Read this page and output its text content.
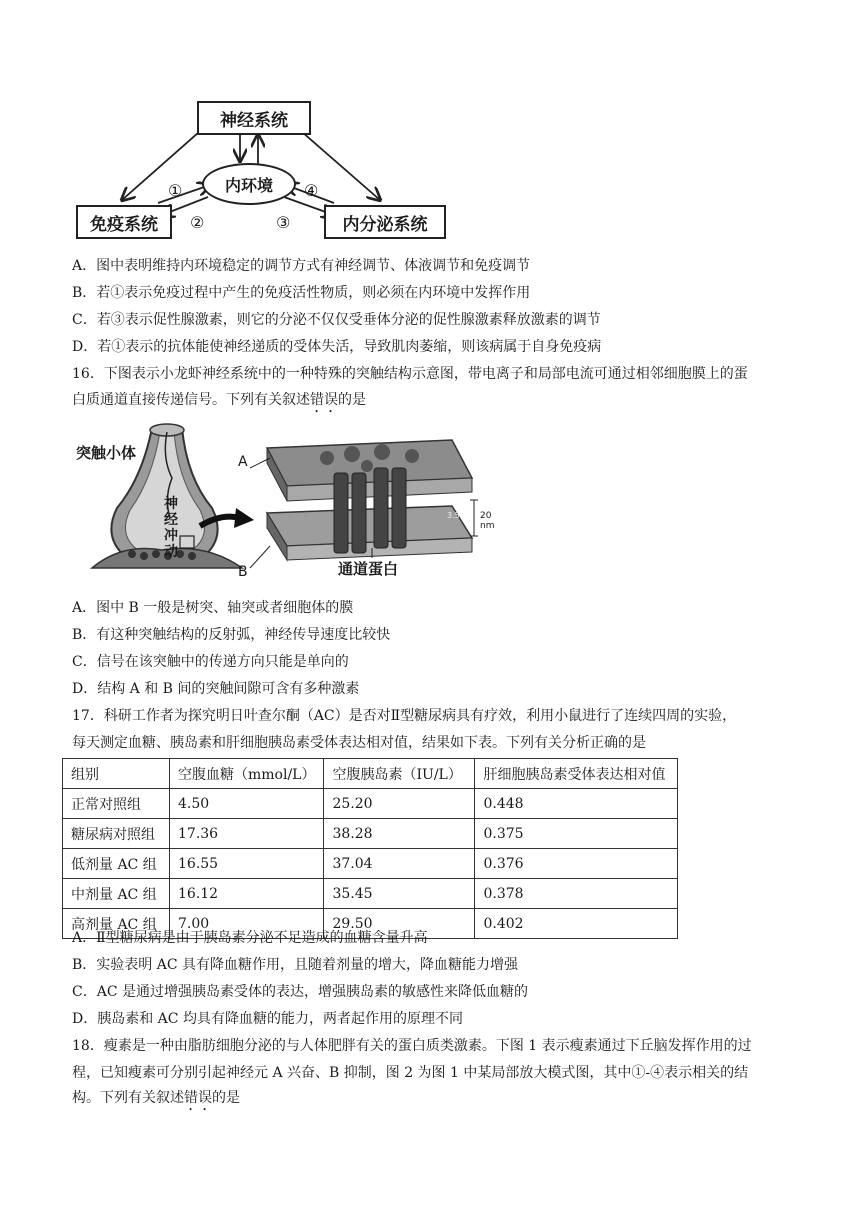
神经系统
内环境
免疫系统	内分泌系统
①
②	③
④
A．图中表明维持内环境稳定的调节方式有神经调节、体液调节和免疫调节
B．若①表示免疫过程中产生的免疫活性物质，则必须在内环境中发挥作用
C．若③表示促性腺激素，则它的分泌不仅仅受垂体分泌的促性腺激素释放激素的调节
D．若①表示的抗体能使神经递质的受体失活，导致肌肉萎缩，则该病属于自身免疫病
16．下图表示小龙虾神经系统中的一种特殊的突触结构示意图，带电离子和局部电流可通过相邻细胞膜上的蛋
白质通道直接传递信号。下列有关叙述错误的是
突触小体
神经冲动
A
B	通道蛋白
20 nm
3.5
A．图中 B 一般是树突、轴突或者细胞体的膜
B．有这种突触结构的反射弧，神经传导速度比较快
C．信号在该突触中的传递方向只能是单向的
D．结构 A 和 B 间的突触间隙可含有多种激素
17．科研工作者为探究明日叶查尔酮（AC）是否对Ⅱ型糖尿病具有疗效，利用小鼠进行了连续四周的实验，
每天测定血糖、胰岛素和肝细胞胰岛素受体表达相对值，结果如下表。下列有关分析正确的是
组别	空腹血糖（mmol/L）	空腹胰岛素（IU/L）	肝细胞胰岛素受体表达相对值
正常对照组	4.50	25.20	0.448
糖尿病对照组	17.36	38.28	0.375
低剂量 AC 组	16.55	37.04	0.376
中剂量 AC 组	16.12	35.45	0.378
高剂量 AC 组	7.00	29.50	0.402
A．Ⅱ型糖尿病是由于胰岛素分泌不足造成的血糖含量升高
B．实验表明 AC 具有降血糖作用，且随着剂量的增大，降血糖能力增强
C．AC 是通过增强胰岛素受体的表达，增强胰岛素的敏感性来降低血糖的
D．胰岛素和 AC 均具有降血糖的能力，两者起作用的原理不同
18．瘦素是一种由脂肪细胞分泌的与人体肥胖有关的蛋白质类激素。下图 1 表示瘦素通过下丘脑发挥作用的过
程，已知瘦素可分别引起神经元 A 兴奋、B 抑制，图 2 为图 1 中某局部放大模式图，其中①-④表示相关的结
构。下列有关叙述错误的是
